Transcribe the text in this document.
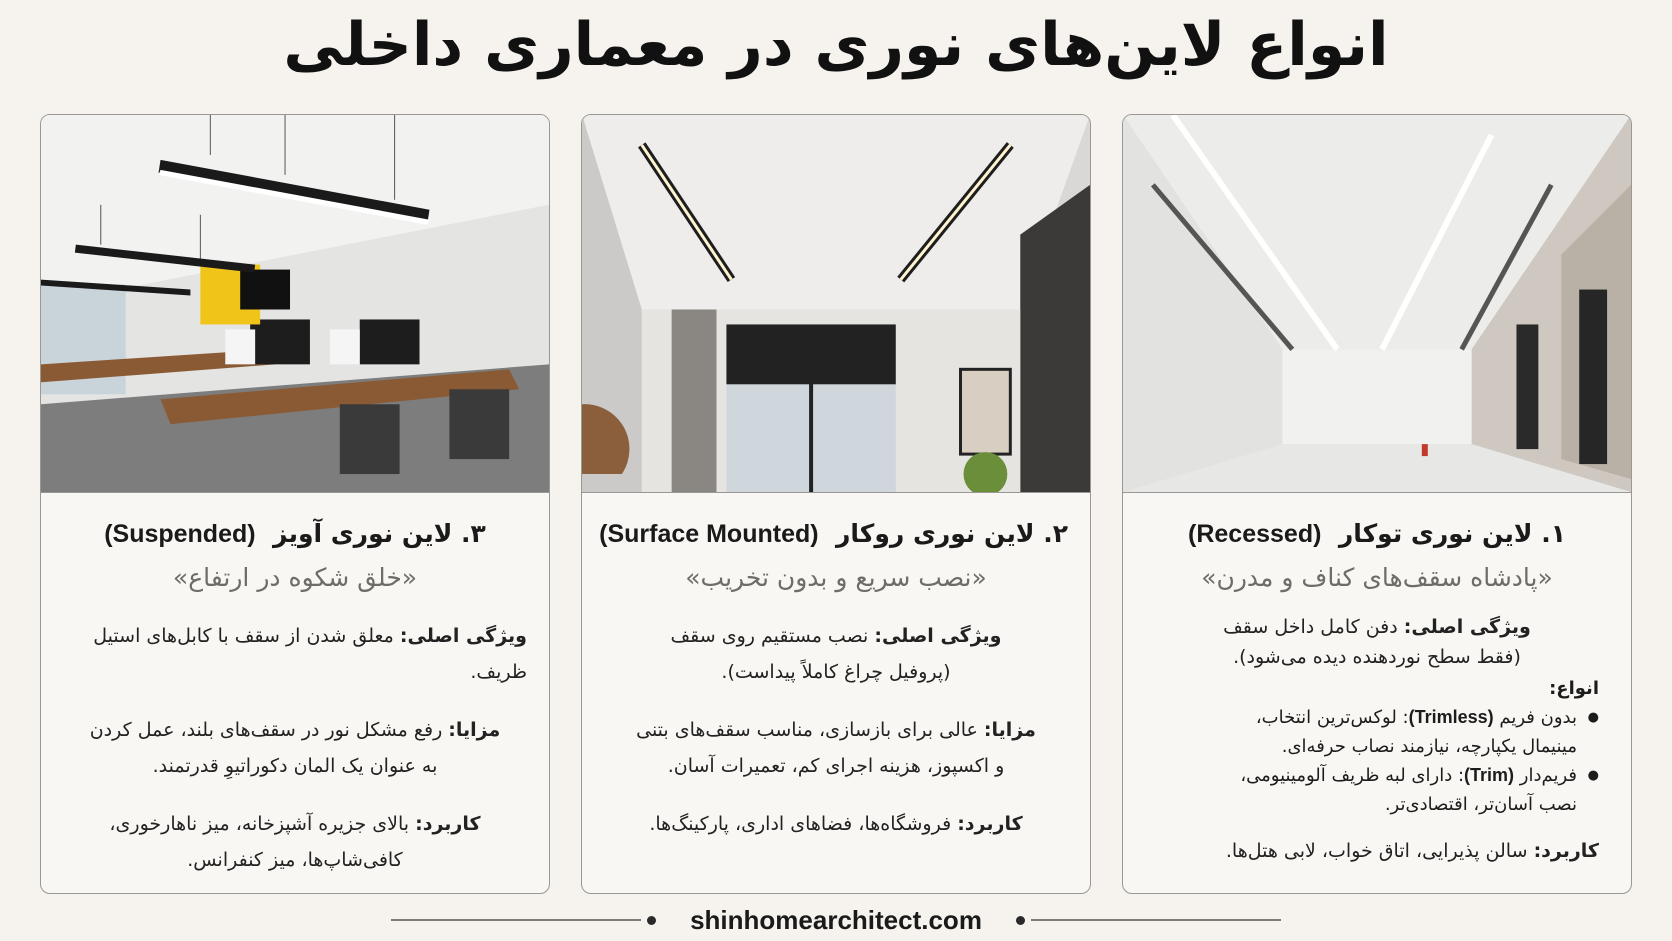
انواع لاین‌های نوری در معماری داخلی
۱. لاین نوری توکار  (Recessed)
«پادشاه سقف‌های کناف و مدرن»
ویژگی اصلی: دفن کامل داخل سقف
(فقط سطح نوردهنده دیده می‌شود).
انواع:
● بدون فریم (Trimless): لوکس‌ترین انتخاب،
مینیمال یکپارچه، نیازمند نصاب حرفه‌ای.
● فریم‌دار (Trim): دارای لبه ظریف آلومینیومی،
نصب آسان‌تر، اقتصادی‌تر.
کاربرد: سالن پذیرایی، اتاق خواب، لابی هتل‌ها.
۲. لاین نوری روکار  (Surface Mounted)
«نصب سریع و بدون تخریب»
ویژگی اصلی: نصب مستقیم روی سقف
(پروفیل چراغ کاملاً پیداست).
مزایا: عالی برای بازسازی، مناسب سقف‌های بتنی
و اکسپوز، هزینه اجرای کم، تعمیرات آسان.
کاربرد: فروشگاه‌ها، فضاهای اداری، پارکینگ‌ها.
۳. لاین نوری آویز  (Suspended)
«خلق شکوه در ارتفاع»
ویژگی اصلی: معلق شدن از سقف با کابل‌های استیل ظریف.
مزایا: رفع مشکل نور در سقف‌های بلند، عمل کردن
به عنوان یک المان دکوراتیوِ قدرتمند.
کاربرد: بالای جزیره آشپزخانه، میز ناهارخوری،
کافی‌شاپ‌ها، میز کنفرانس.
shinhomearchitect.com
